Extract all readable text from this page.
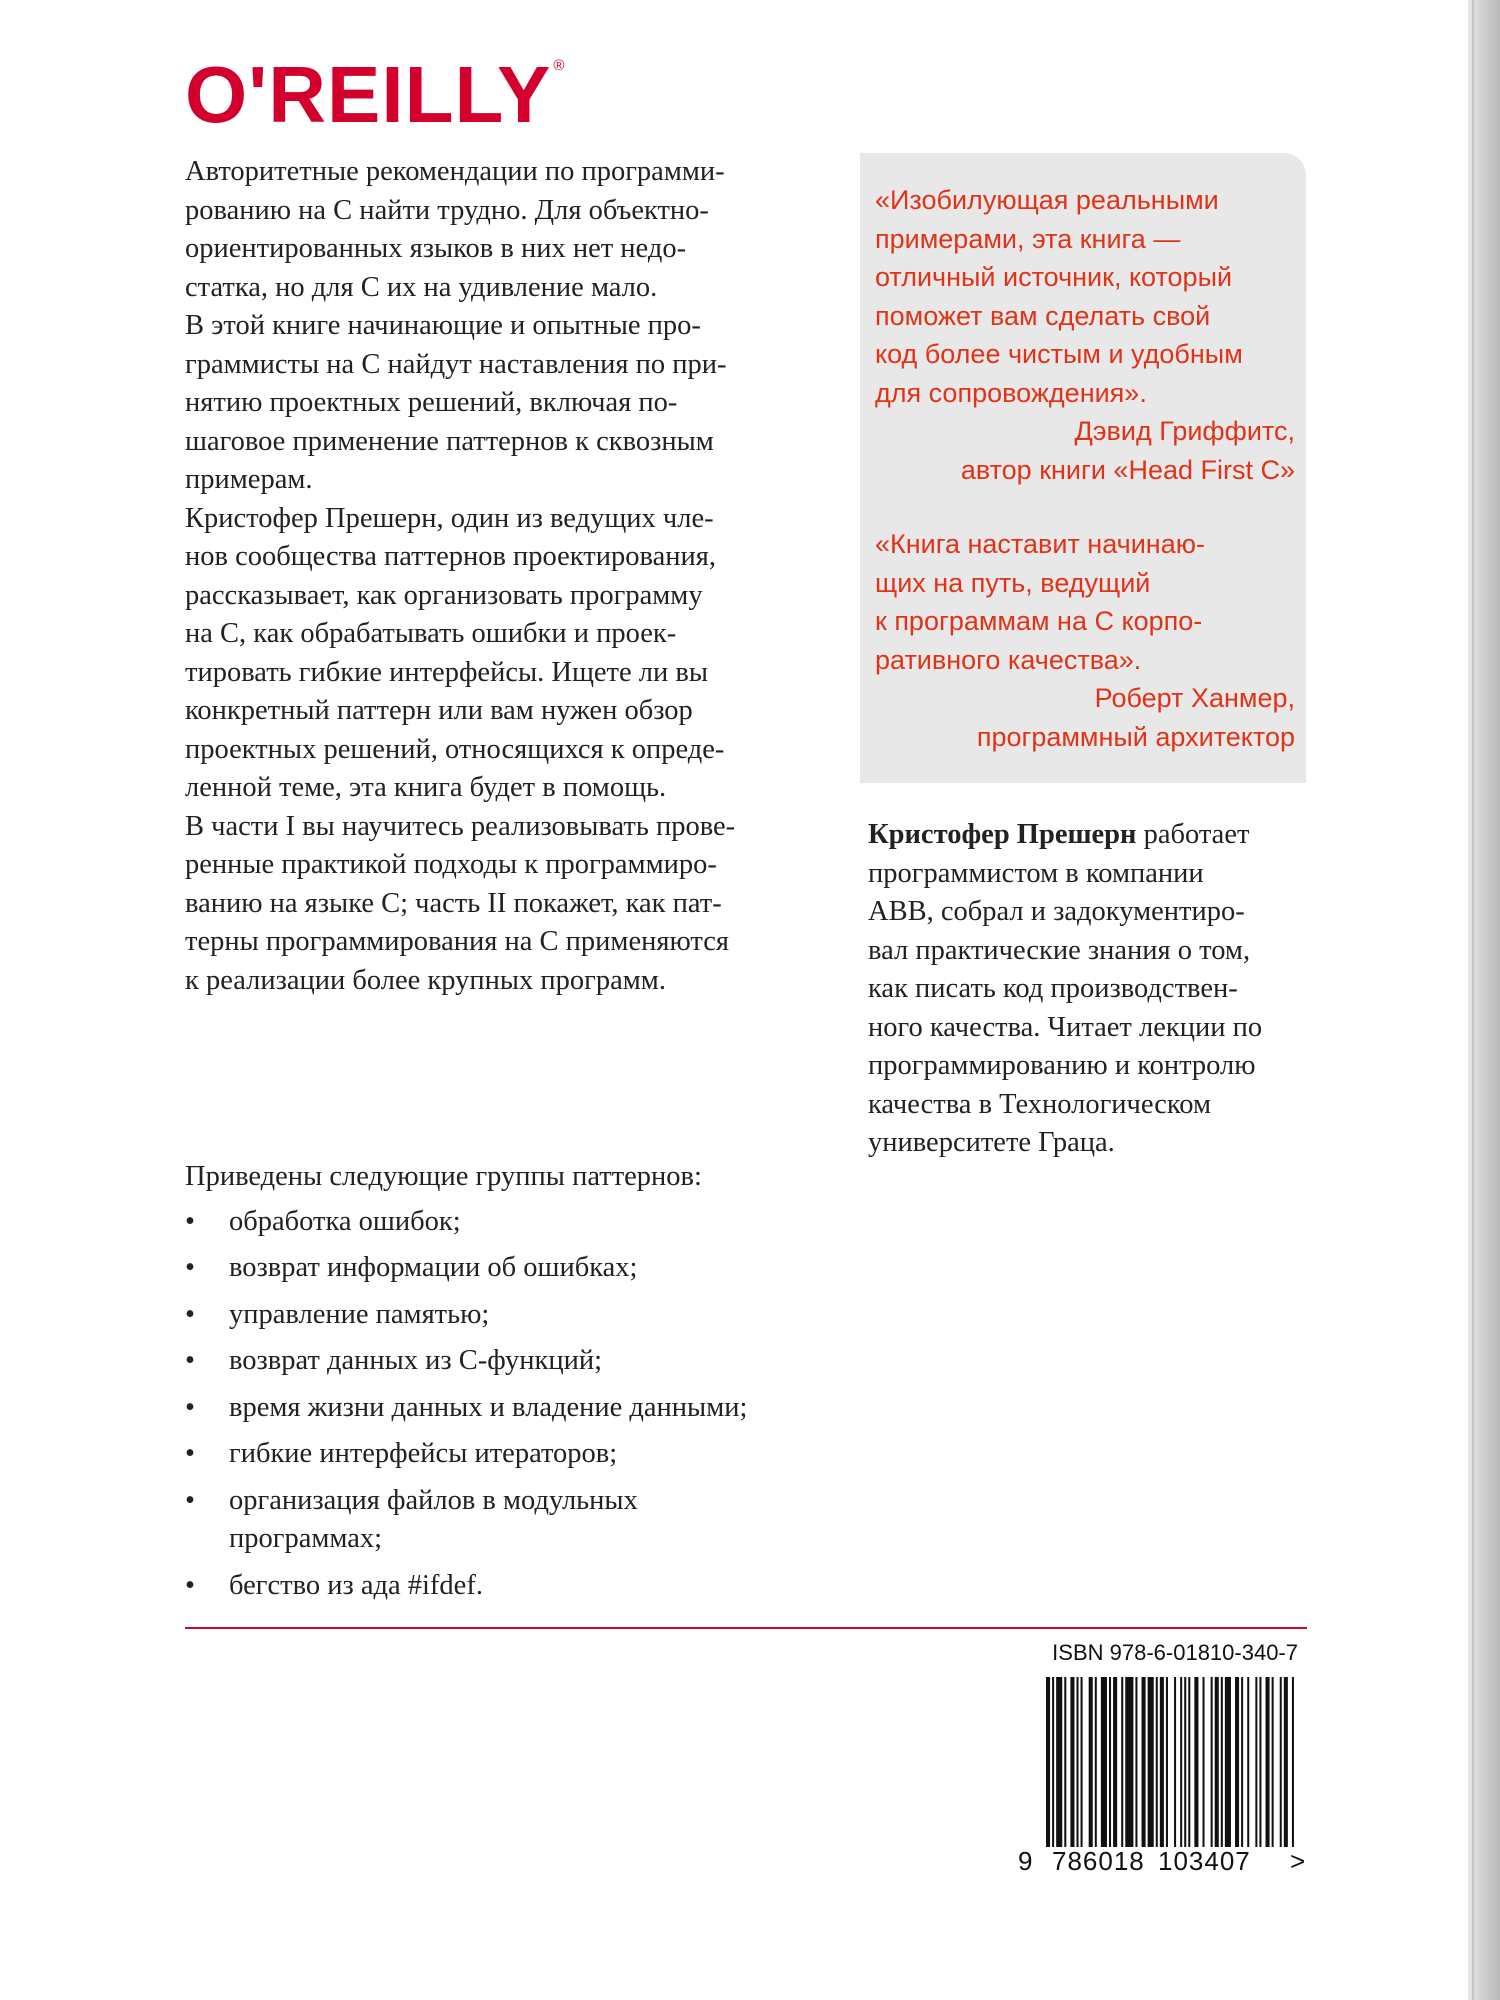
O'REILLY ®

Авторитетные рекомендации по программи-

рованию на С найти трудно. Для объектно-

ориентированных языков в них нет недо-

статка, но для С их на удивление мало.

В этой книге начинающие и опытные про-

граммисты на С найдут наставления по при-

нятию проектных решений, включая по-

шаговое применение паттернов к сквозным

примерам.

Кристофер Прешерн, один из ведущих чле-

нов сообщества паттернов проектирования,

рассказывает, как организовать программу

на С, как обрабатывать ошибки и проек-

тировать гибкие интерфейсы. Ищете ли вы

конкретный паттерн или вам нужен обзор

проектных решений, относящихся к опреде-

ленной теме, эта книга будет в помощь.

В части I вы научитесь реализовывать прове-

ренные практикой подходы к программиро-

ванию на языке С; часть II покажет, как пат-

терны программирования на С применяются

к реализации более крупных программ.

Приведены следующие группы паттернов:
•	обработка ошибок;
•	возврат информации об ошибках;
•	управление памятью;
•	возврат данных из С-функций;
•	время жизни данных и владение данными;
•	гибкие интерфейсы итераторов;
•	организация файлов в модульных
программах;
•	бегство из ада #ifdef.
«Изобилующая реальными
примерами, эта книга —
отличный источник, который
поможет вам сделать свой
код более чистым и удобным
для сопровождения».
Дэвид Гриффитс,
автор книги «Head First C»
«Книга наставит начинаю-
щих на путь, ведущий
к программам на С корпо-
ративного качества».
Роберт Ханмер,
программный архитектор
Кристофер Прешерн работает
программистом в компании
ABB, собрал и задокументиро-
вал практические знания о том,
как писать код производствен-
ного качества. Читает лекции по
программированию и контролю
качества в Технологическом
университете Граца.
ISBN 978-6-01810-340-7
9 786018 103407 >
